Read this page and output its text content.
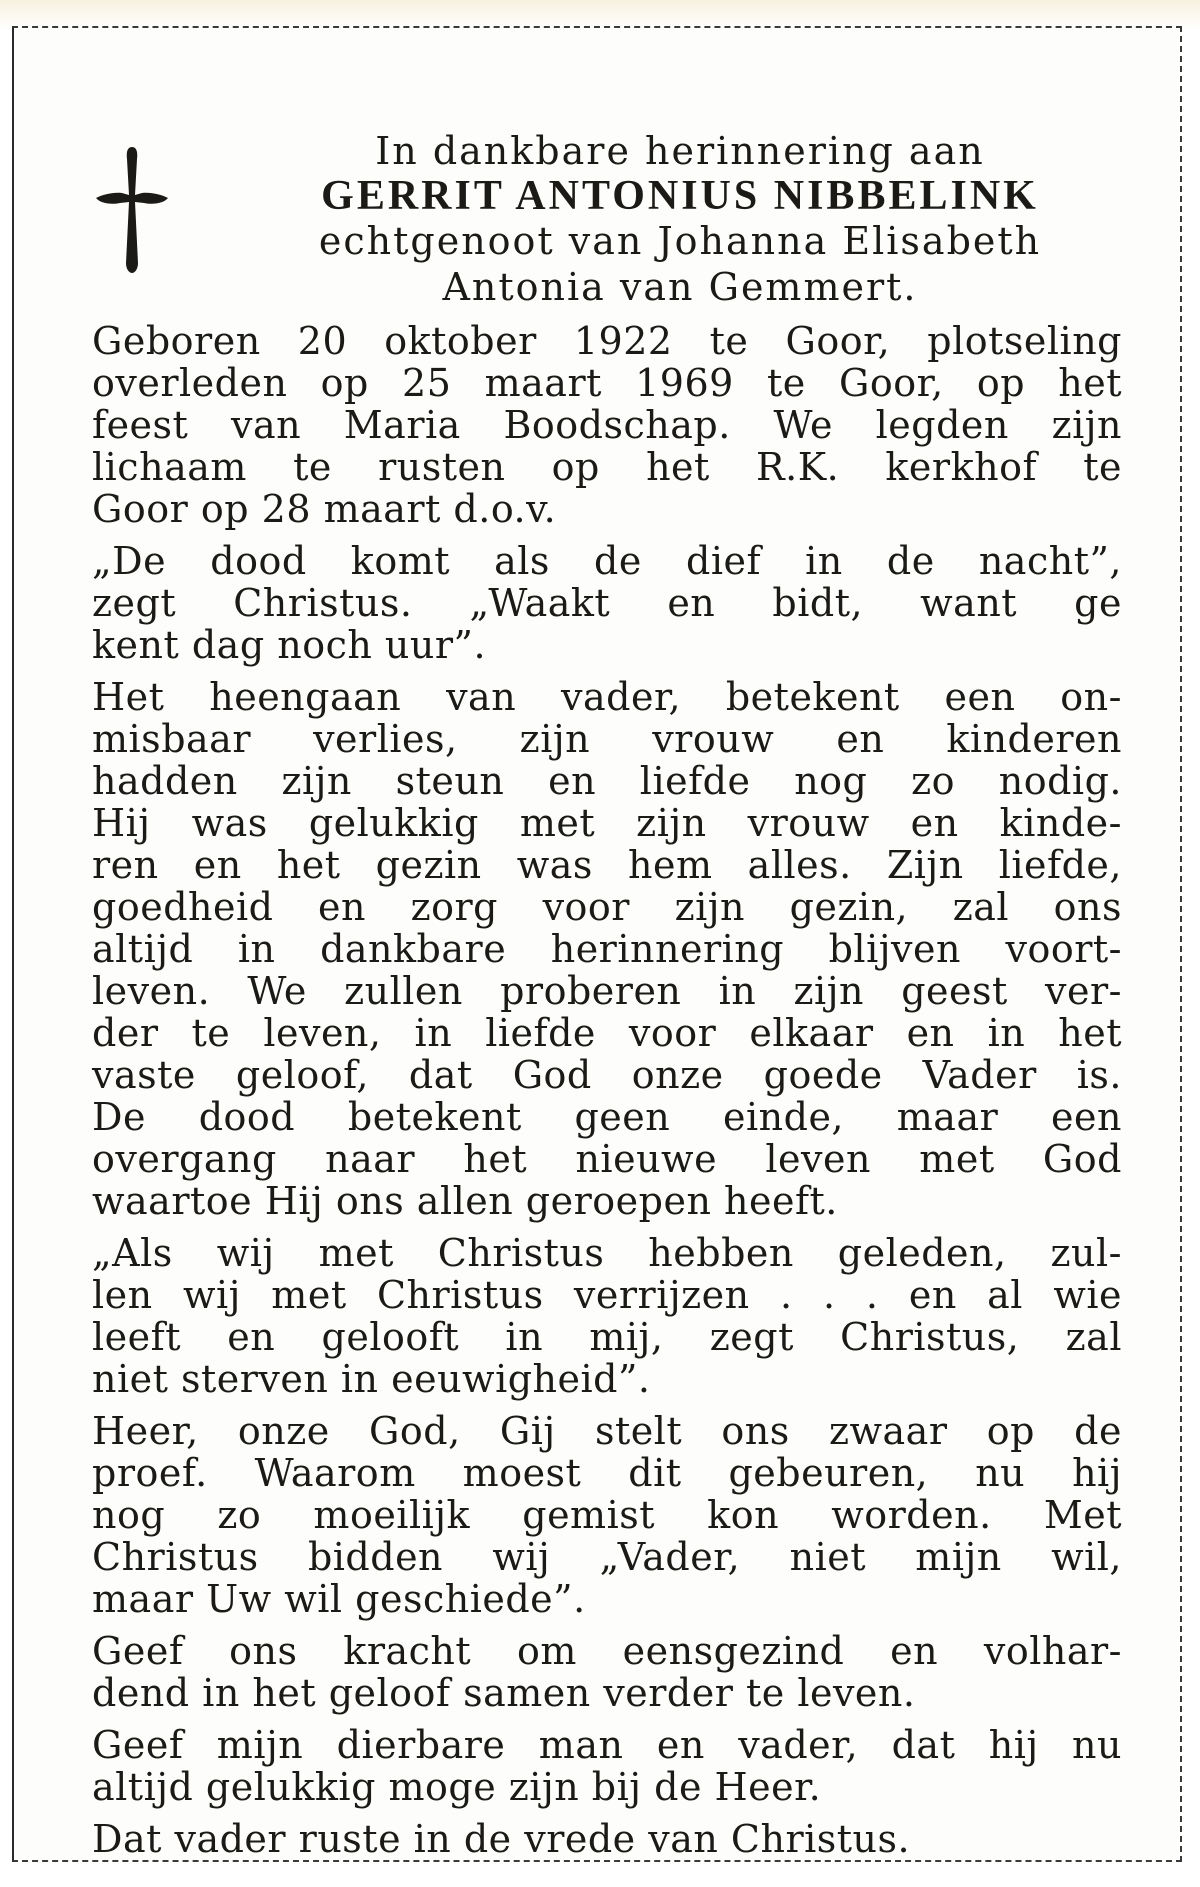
In dankbare herinnering aan
GERRIT ANTONIUS NIBBELINK
echtgenoot van Johanna Elisabeth
Antonia van Gemmert.
Geboren 20 oktober 1922 te Goor, plotseling
overleden op 25 maart 1969 te Goor, op het
feest van Maria Boodschap. We legden zijn
lichaam te rusten op het R.K. kerkhof te
Goor op 28 maart d.o.v.
„De dood komt als de dief in de nacht”,
zegt Christus. „Waakt en bidt, want ge
kent dag noch uur”.
Het heengaan van vader, betekent een on-
misbaar verlies, zijn vrouw en kinderen
hadden zijn steun en liefde nog zo nodig.
Hij was gelukkig met zijn vrouw en kinde-
ren en het gezin was hem alles. Zijn liefde,
goedheid en zorg voor zijn gezin, zal ons
altijd in dankbare herinnering blijven voort-
leven. We zullen proberen in zijn geest ver-
der te leven, in liefde voor elkaar en in het
vaste geloof, dat God onze goede Vader is.
De dood betekent geen einde, maar een
overgang naar het nieuwe leven met God
waartoe Hij ons allen geroepen heeft.
„Als wij met Christus hebben geleden, zul-
len wij met Christus verrijzen . . . en al wie
leeft en gelooft in mij, zegt Christus, zal
niet sterven in eeuwigheid”.
Heer, onze God, Gij stelt ons zwaar op de
proef. Waarom moest dit gebeuren, nu hij
nog zo moeilijk gemist kon worden. Met
Christus bidden wij „Vader, niet mijn wil,
maar Uw wil geschiede”.
Geef ons kracht om eensgezind en volhar-
dend in het geloof samen verder te leven.
Geef mijn dierbare man en vader, dat hij nu
altijd gelukkig moge zijn bij de Heer.
Dat vader ruste in de vrede van Christus.
